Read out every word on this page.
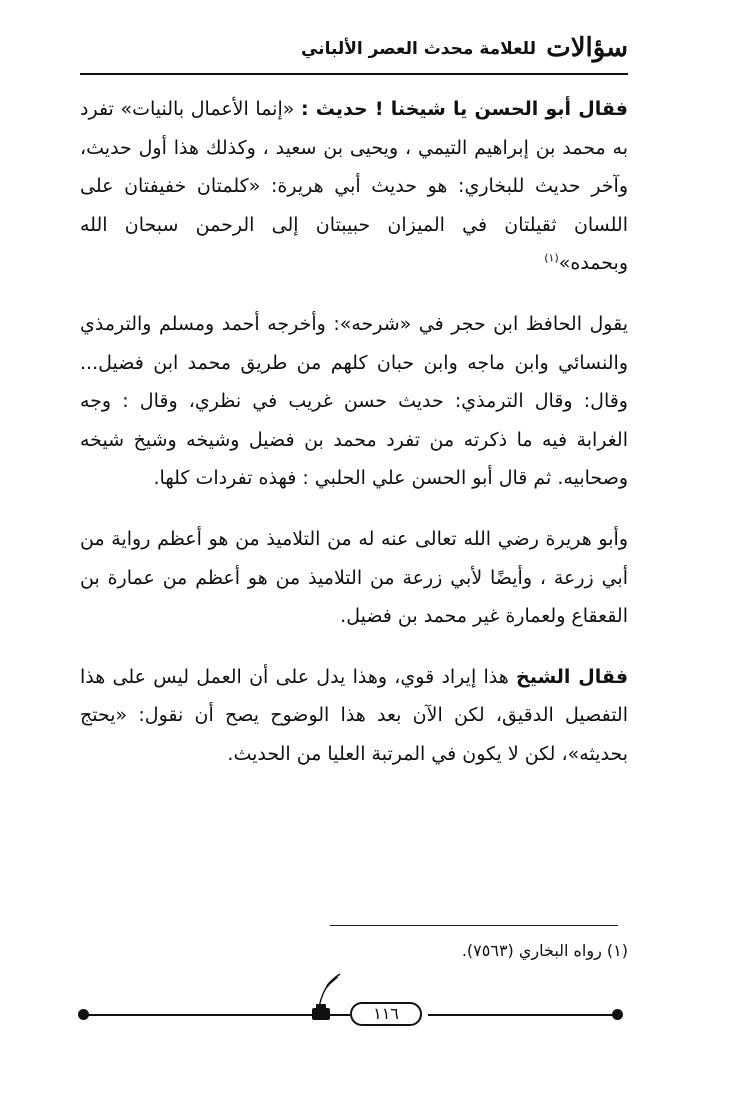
سؤالات
للعلامة محدث العصر الألباني

فقال أبو الحسن يا شيخنا ! حديث : «إنما الأعمال بالنيات» تفرد به محمد بن إبراهيم التيمي ، ويحيى بن سعيد ، وكذلك هذا أول حديث، وآخر حديث للبخاري: هو حديث أبي هريرة: «كلمتان خفيفتان على اللسان ثقيلتان في الميزان حبيبتان إلى الرحمن سبحان الله وبحمده»$^{(١)}$

يقول الحافظ ابن حجر في «شرحه»: وأخرجه أحمد ومسلم والترمذي والنسائي وابن ماجه وابن حبان كلهم من طريق محمد ابن فضيل... وقال: وقال الترمذي: حديث حسن غريب في نظري، وقال : وجه الغرابة فيه ما ذكرته من تفرد محمد بن فضيل وشيخه وشيخ شيخه وصحابيه. ثم قال أبو الحسن علي الحلبي : فهذه تفردات كلها.

وأبو هريرة رضي الله تعالى عنه له من التلاميذ من هو أعظم رواية من أبي زرعة ، وأيضًا لأبي زرعة من التلاميذ من هو أعظم من عمارة بن القعقاع ولعمارة غير محمد بن فضيل.

فقال الشيخ هذا إيراد قوي، وهذا يدل على أن العمل ليس على هذا التفصيل الدقيق، لكن الآن بعد هذا الوضوح يصح أن نقول: «يحتج بحديثه»، لكن لا يكون في المرتبة العليا من الحديث.

(١) رواه البخاري (٧٥٦٣).
١١٦
